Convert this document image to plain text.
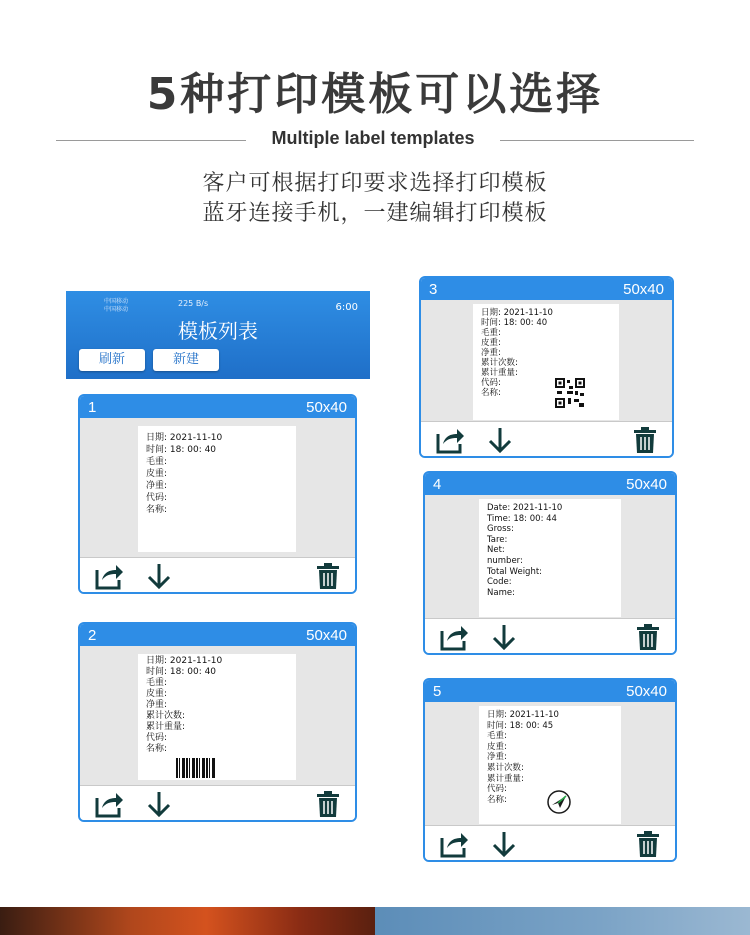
5种打印模板可以选择
Multiple label templates
客户可根据打印要求选择打印模板
蓝牙连接手机，一建编辑打印模板
中国移动
中国移动
225 B/s	6:00
模板列表
刷新	新建
1	50x40
日期: 2021-11-10
时间: 18: 00: 40
毛重:
皮重:
净重:
代码:
名称:
2	50x40
日期: 2021-11-10
时间: 18: 00: 40
毛重:
皮重:
净重:
累计次数:
累计重量:
代码:
名称:
3	50x40
日期: 2021-11-10
时间: 18: 00: 40
毛重:
皮重:
净重:
累计次数:
累计重量:
代码:
名称:
4	50x40
Date: 2021-11-10
Time: 18: 00: 44
Gross:
Tare:
Net:
number:
Total Weight:
Code:
Name:
5	50x40
日期: 2021-11-10
时间: 18: 00: 45
毛重:
皮重:
净重:
累计次数:
累计重量:
代码:
名称:
